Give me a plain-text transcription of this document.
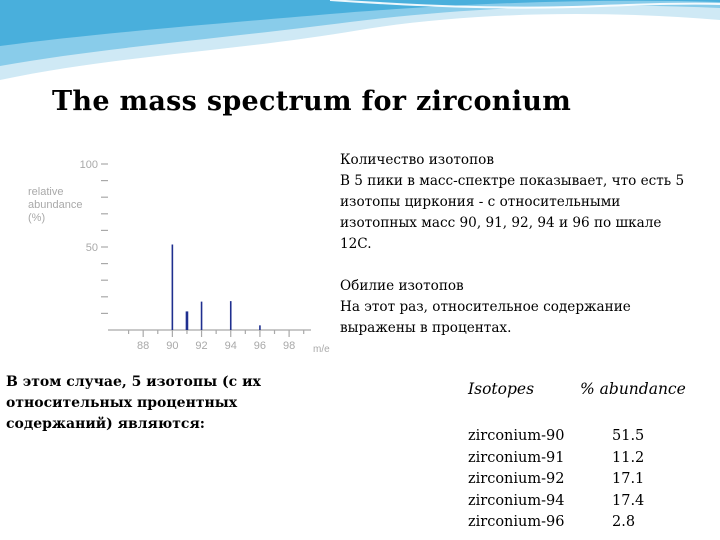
The mass spectrum for zirconium
relative
abundance
(%)
100
50
88 90 92 94 96 98 m/e

Количество изотопов
В 5 пики в масс-спектре показывает, что есть 5 изотопы циркония - с относительными изотопных масс 90, 91, 92, 94 и 96 по шкале 12C.

Обилие изотопов
На этот раз, относительное содержание выражены в процентах.

В этом случае, 5 изотопы (с их относительных процентных содержаний) являются:
Isotopes	% abundance
zirconium-90	51.5
zirconium-91	11.2
zirconium-92	17.1
zirconium-94	17.4
zirconium-96	2.8
